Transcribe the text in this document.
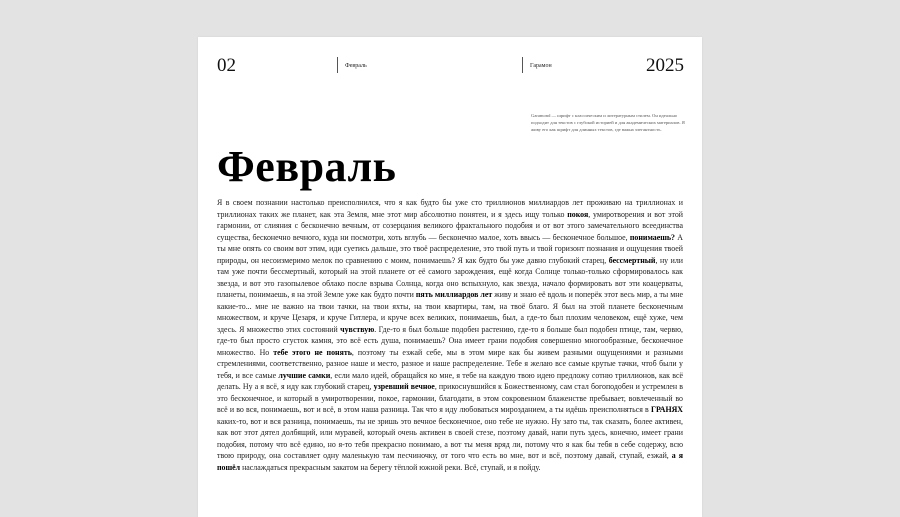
02	Февраль	Гарамон	2025
Garamond — шрифт с классическим и литературным стилем. Он идеально подходит для текстов с глубокой историей и для академических материалов. Я живу его как шрифт для длинных текстов, где важна элегантность.
Февраль
Я в своем познании настолько преисполнился, что я как будто бы уже сто триллионов миллиардов лет проживаю на триллионах и триллионах таких же планет, как эта Земля, мне этот мир абсолютно понятен, и я здесь ищу только покоя, умиротворения и вот этой гармонии, от слияния с бесконечно вечным, от созерцания великого фрактального подобия и от вот этого замечательного всеединства существа, бесконечно вечного, куда ни посмотри, хоть вглубь — бесконечно малое, хоть ввысь — бесконечное большое, понимаешь? А ты мне опять со своим вот этим, иди суетись дальше, это твоё распределение, это твой путь и твой горизонт познания и ощущения твоей природы, он несоизмеримо мелок по сравнению с моим, понимаешь? Я как будто бы уже давно глубокий старец, бессмертный, ну или там уже почти бессмертный, который на этой планете от её самого зарождения, ещё когда Солнце только-только сформировалось как звезда, и вот это газопылевое облако после взрыва Солнца, когда оно вспыхнуло, как звезда, начало формировать вот эти коацерваты, планеты, понимаешь, я на этой Земле уже как будто почти пять миллиардов лет живу и знаю её вдоль и поперёк этот весь мир, а ты мне какие-то... мне не важно на твои тачки, на твои яхты, на твои квартиры, там, на твоё благо. Я был на этой планете бесконечным множеством, и круче Цезаря, и круче Гитлера, и круче всех великих, понимаешь, был, а где-то был плохим человеком, ещё хуже, чем здесь. Я множество этих состояний чувствую. Где-то я был больше подобен растению, где-то я больше был подобен птице, там, червю, где-то был просто сгусток камня, это всё есть душа, понимаешь? Она имеет грани подобия совершенно многообразные, бесконечное множество. Но тебе этого не понять, поэтому ты езжай себе, мы в этом мире как бы живем разными ощущениями и разными стремлениями, соответственно, разное наше и место, разное и наше распределение. Тебе я желаю все самые крутые тачки, чтоб были у тебя, и все самые лучшие самки, если мало идей, обращайся ко мне, я тебе на каждую твою идею предложу сотню триллионов, как всё делать. Ну а я всё, я иду как глубокий старец, узревший вечное, прикоснувшийся к Божественному, сам стал богоподобен и устремлен в это бесконечное, и который в умиротворении, покое, гармонии, благодати, в этом сокровенном блаженстве пребывает, вовлеченный во всё и во вся, понимаешь, вот и всё, в этом наша разница. Так что я иду любоваться мирозданием, а ты идёшь преисполняться в ГРАНЯХ каких-то, вот и вся разница, понимаешь, ты не зришь это вечное бесконечное, оно тебе не нужно. Ну зато ты, так сказать, более активен, как вот этот дятел долбящий, или муравей, который очень активен в своей стезе, поэтому давай, напи путь здесь, конечно, имеет грани подобия, потому что всё едино, но я-то тебя прекрасно понимаю, а вот ты меня вряд ли, потому что я как бы тебя в себе содержу, всю твою природу, она составляет одну маленькую там песчиночку, от того что есть во мне, вот и всё, поэтому давай, ступай, езжай, а я пошёл наслаждаться прекрасным закатом на берегу тёплой южной реки. Всё, ступай, и я пойду.
